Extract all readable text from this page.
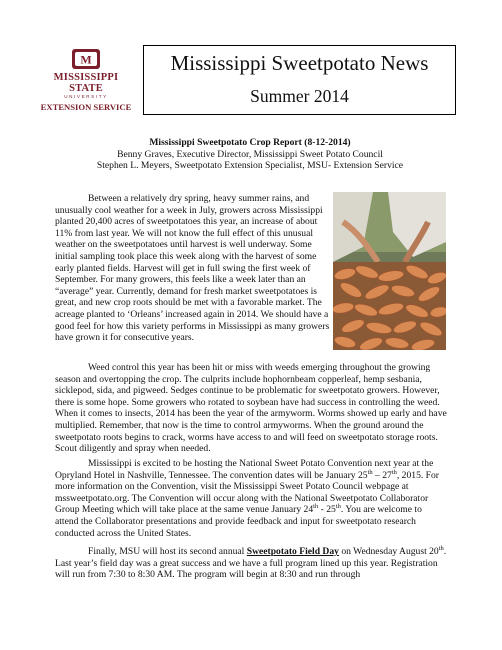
M
MISSISSIPPI STATE
UNIVERSITY
EXTENSION SERVICE
Mississippi Sweetpotato News
Summer 2014
Mississippi Sweetpotato Crop Report (8-12-2014)
Benny Graves, Executive Director, Mississippi Sweet Potato Council
Stephen L. Meyers, Sweetpotato Extension Specialist, MSU- Extension Service

Between a relatively dry spring, heavy summer rains, and unusually cool weather for a week in July, growers across Mississippi planted 20,400 acres of sweetpotatoes this year, an increase of about 11% from last year. We will not know the full effect of this unusual weather on the sweetpotatoes until harvest is well underway. Some initial sampling took place this week along with the harvest of some early planted fields. Harvest will get in full swing the first week of September. For many growers, this feels like a week later than an “average” year. Currently, demand for fresh market sweetpotatoes is great, and new crop roots should be met with a favorable market. The acreage planted to ‘Orleans’ increased again in 2014. We should have a good feel for how this variety performs in Mississippi as many growers have grown it for consecutive years.

Weed control this year has been hit or miss with weeds emerging throughout the growing season and overtopping the crop. The culprits include hophornbeam copperleaf, hemp sesbania, sicklepod, sida, and pigweed. Sedges continue to be problematic for sweetpotato growers. However, there is some hope. Some growers who rotated to soybean have had success in controlling the weed. When it comes to insects, 2014 has been the year of the armyworm. Worms showed up early and have multiplied. Remember, that now is the time to control armyworms. When the ground around the sweetpotato roots begins to crack, worms have access to and will feed on sweetpotato storage roots. Scout diligently and spray when needed.

Mississippi is excited to be hosting the National Sweet Potato Convention next year at the Opryland Hotel in Nashville, Tennessee. The convention dates will be January 25th – 27th, 2015. For more information on the Convention, visit the Mississippi Sweet Potato Council webpage at mssweetpotato.org. The Convention will occur along with the National Sweetpotato Collaborator Group Meeting which will take place at the same venue January 24th - 25th. You are welcome to attend the Collaborator presentations and provide feedback and input for sweetpotato research conducted across the United States.

Finally, MSU will host its second annual Sweetpotato Field Day on Wednesday August 20th. Last year’s field day was a great success and we have a full program lined up this year. Registration will run from 7:30 to 8:30 AM. The program will begin at 8:30 and run through
